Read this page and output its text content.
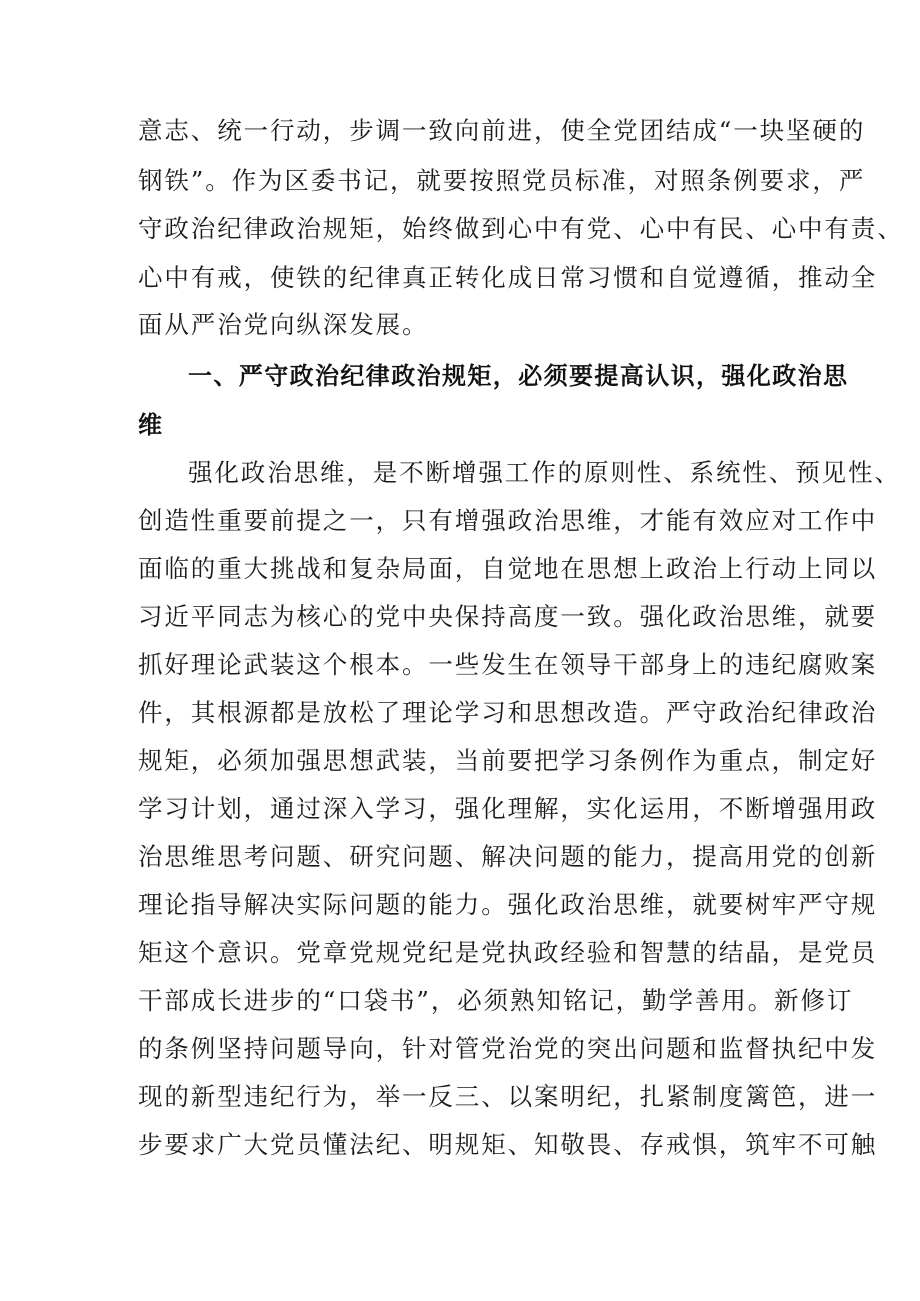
意志、统一行动，步调一致向前进，使全党团结成“一块坚硬的

钢铁”。作为区委书记，就要按照党员标准，对照条例要求，严

守政治纪律政治规矩，始终做到心中有党、心中有民、心中有责、

心中有戒，使铁的纪律真正转化成日常习惯和自觉遵循，推动全

面从严治党向纵深发展。

一、严守政治纪律政治规矩，必须要提高认识，强化政治思

维

强化政治思维，是不断增强工作的原则性、系统性、预见性、

创造性重要前提之一，只有增强政治思维，才能有效应对工作中

面临的重大挑战和复杂局面，自觉地在思想上政治上行动上同以

习近平同志为核心的党中央保持高度一致。强化政治思维，就要

抓好理论武装这个根本。一些发生在领导干部身上的违纪腐败案

件，其根源都是放松了理论学习和思想改造。严守政治纪律政治

规矩，必须加强思想武装，当前要把学习条例作为重点，制定好

学习计划，通过深入学习，强化理解，实化运用，不断增强用政

治思维思考问题、研究问题、解决问题的能力，提高用党的创新

理论指导解决实际问题的能力。强化政治思维，就要树牢严守规

矩这个意识。党章党规党纪是党执政经验和智慧的结晶，是党员

干部成长进步的“口袋书”，必须熟知铭记，勤学善用。新修订

的条例坚持问题导向，针对管党治党的突出问题和监督执纪中发

现的新型违纪行为，举一反三、以案明纪，扎紧制度篱笆，进一

步要求广大党员懂法纪、明规矩、知敬畏、存戒惧，筑牢不可触
